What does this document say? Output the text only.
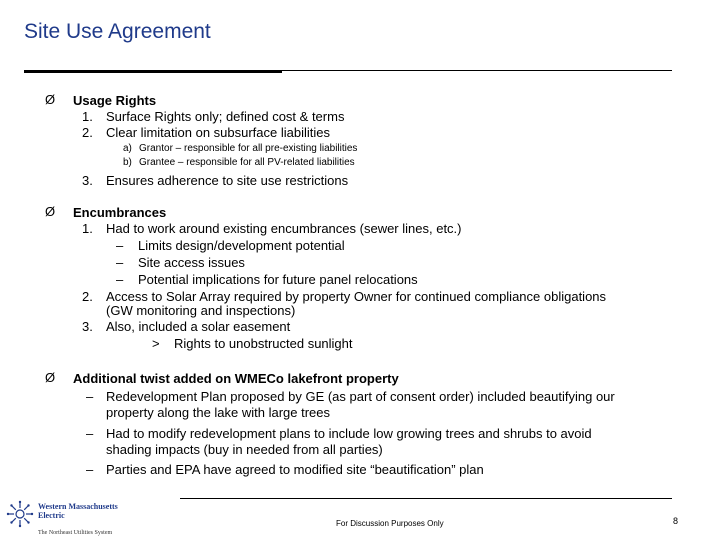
Site Use Agreement
Ø Usage Rights
1. Surface Rights only; defined cost & terms
2. Clear limitation on subsurface liabilities
a) Grantor – responsible for all pre-existing liabilities
b) Grantee – responsible for all PV-related liabilities
3. Ensures adherence to site use restrictions
Ø Encumbrances
1. Had to work around existing encumbrances (sewer lines, etc.)
– Limits design/development potential
– Site access issues
– Potential implications for future panel relocations
2. Access to Solar Array required by property Owner for continued compliance obligations
(GW monitoring and inspections)
3. Also, included a solar easement
> Rights to unobstructed sunlight
Ø Additional twist added on WMECo lakefront property
– Redevelopment Plan proposed by GE (as part of consent order) included beautifying our
property along the lake with large trees
– Had to modify redevelopment plans to include low growing trees and shrubs to avoid
shading impacts (buy in needed from all parties)
– Parties and EPA have agreed to modified site “beautification” plan
Western Massachusetts
Electric
The Northeast Utilities System
For Discussion Purposes Only	8
